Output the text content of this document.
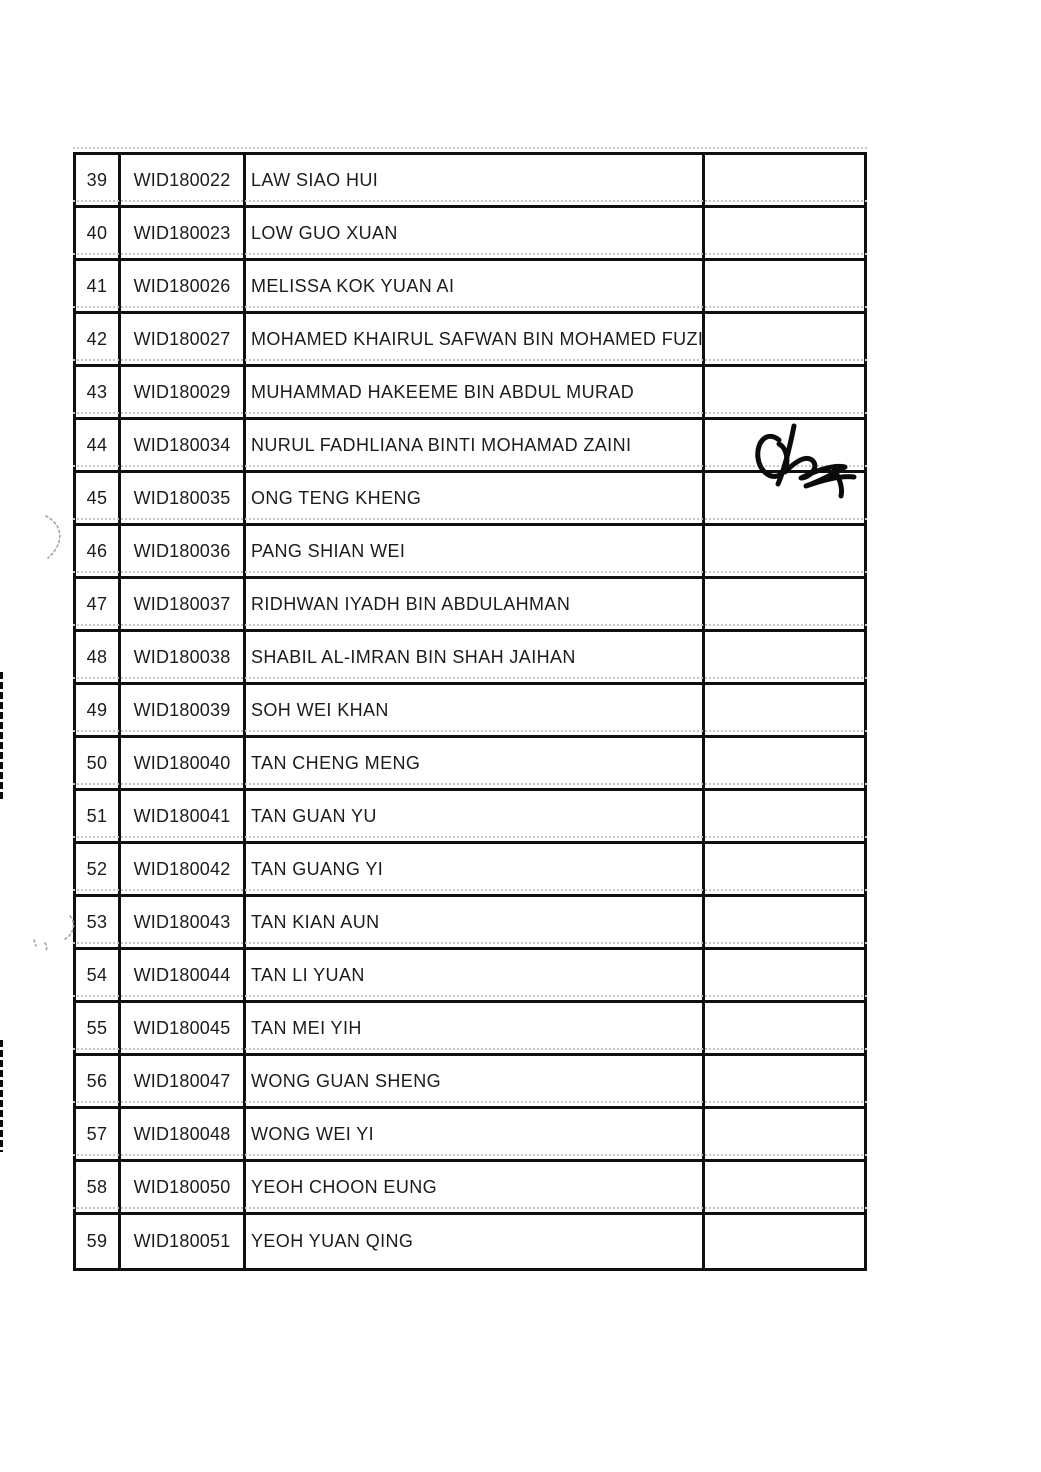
39	WID180022	LAW SIAO HUI
40	WID180023	LOW GUO XUAN
41	WID180026	MELISSA KOK YUAN AI
42	WID180027	MOHAMED KHAIRUL SAFWAN BIN MOHAMED FUZI
43	WID180029	MUHAMMAD HAKEEME BIN ABDUL MURAD
44	WID180034	NURUL FADHLIANA BINTI MOHAMAD ZAINI
45	WID180035	ONG TENG KHENG
46	WID180036	PANG SHIAN WEI
47	WID180037	RIDHWAN IYADH BIN ABDULAHMAN
48	WID180038	SHABIL AL-IMRAN BIN SHAH JAIHAN
49	WID180039	SOH WEI KHAN
50	WID180040	TAN CHENG MENG
51	WID180041	TAN GUAN YU
52	WID180042	TAN GUANG YI
53	WID180043	TAN KIAN AUN
54	WID180044	TAN LI YUAN
55	WID180045	TAN MEI YIH
56	WID180047	WONG GUAN SHENG
57	WID180048	WONG WEI YI
58	WID180050	YEOH CHOON EUNG
59	WID180051	YEOH YUAN QING
